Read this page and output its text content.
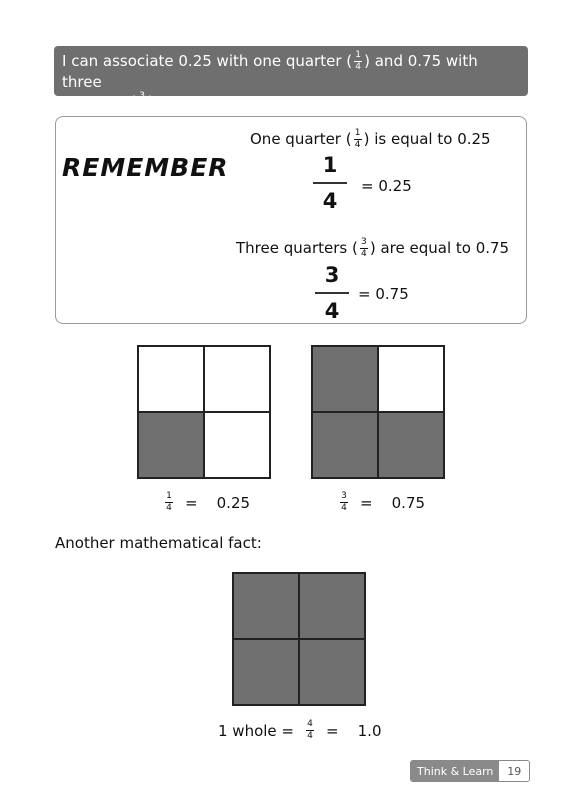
I can associate 0.25 with one quarter ( $\frac{1}{4}$ ) and 0.75 with three
quarters ( $\frac{3}{4}$ )
REMEMBER
One quarter ( $\frac{1}{4}$ ) is equal to 0.25
1
4
= 0.25
Three quarters ( $\frac{3}{4}$ ) are equal to 0.75
3
4
= 0.75
$\frac{1}{4}$ =    0.25	$\frac{3}{4}$ =    0.75
Another mathematical fact:
1 whole = $\frac{4}{4}$ =    1.0
Think & Learn	19
